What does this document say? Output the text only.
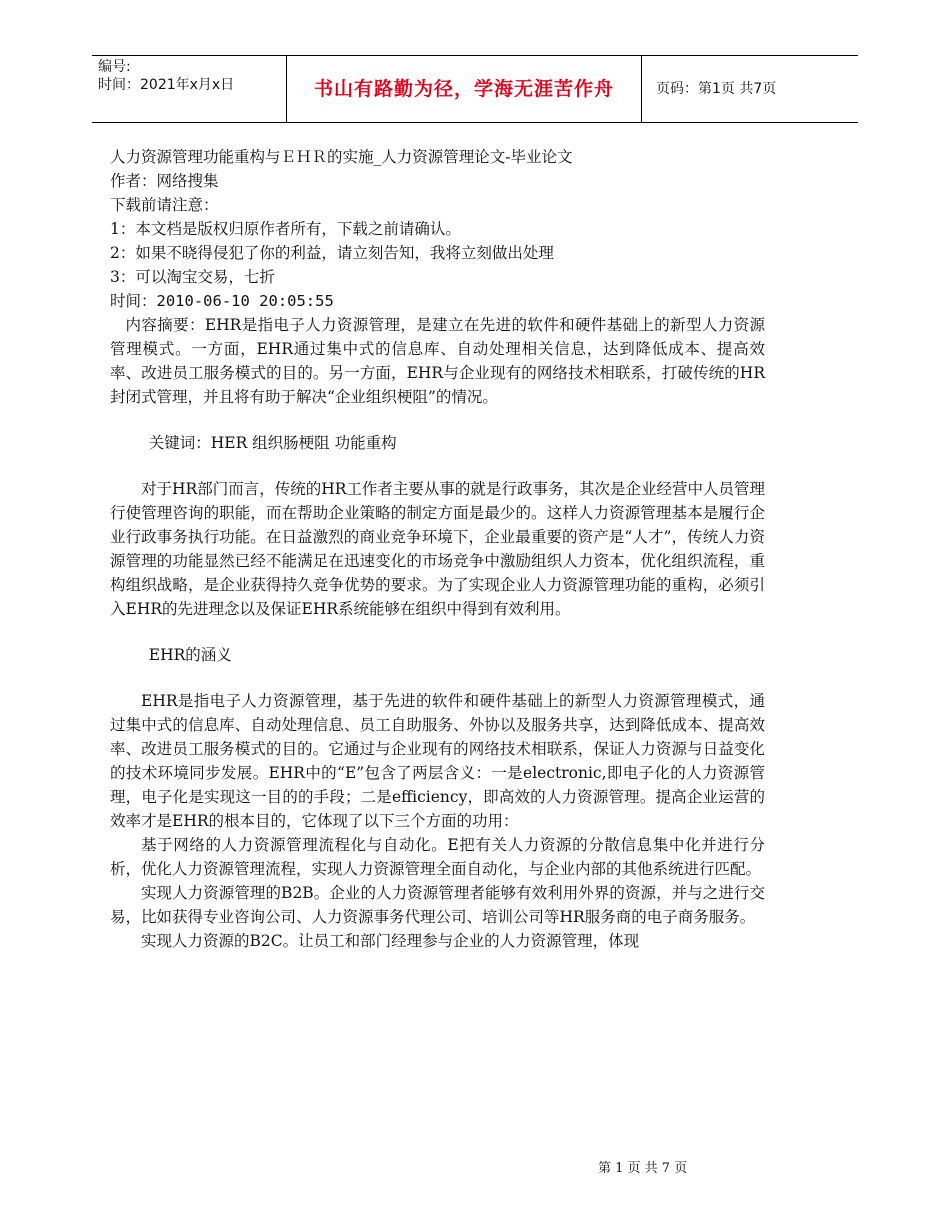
编号:
时间：2021年x月x日	书山有路勤为径，学海无涯苦作舟	页码：第1页 共7页
人力资源管理功能重构与ＥＨＲ的实施_人力资源管理论文-毕业论文
作者：网络搜集
下载前请注意：
1：本文档是版权归原作者所有，下载之前请确认。
2：如果不晓得侵犯了你的利益，请立刻告知，我将立刻做出处理
3：可以淘宝交易，七折
时间：2010-06-10 20:05:55

内容摘要：EHR是指电子人力资源管理，是建立在先进的软件和硬件基础上的新型人力资源管理模式。一方面，EHR通过集中式的信息库、自动处理相关信息，达到降低成本、提高效率、改进员工服务模式的目的。另一方面，EHR与企业现有的网络技术相联系，打破传统的HR封闭式管理，并且将有助于解决“企业组织梗阻”的情况。

关键词：HER 组织肠梗阻 功能重构

对于HR部门而言，传统的HR工作者主要从事的就是行政事务，其次是企业经营中人员管理行使管理咨询的职能，而在帮助企业策略的制定方面是最少的。这样人力资源管理基本是履行企业行政事务执行功能。在日益激烈的商业竞争环境下，企业最重要的资产是“人才”，传统人力资源管理的功能显然已经不能满足在迅速变化的市场竞争中激励组织人力资本，优化组织流程，重构组织战略，是企业获得持久竞争优势的要求。为了实现企业人力资源管理功能的重构，必须引入EHR的先进理念以及保证EHR系统能够在组织中得到有效利用。

EHR的涵义

EHR是指电子人力资源管理，基于先进的软件和硬件基础上的新型人力资源管理模式，通过集中式的信息库、自动处理信息、员工自助服务、外协以及服务共享，达到降低成本、提高效率、改进员工服务模式的目的。它通过与企业现有的网络技术相联系，保证人力资源与日益变化的技术环境同步发展。EHR中的“E”包含了两层含义：一是electronic,即电子化的人力资源管理，电子化是实现这一目的的手段；二是efficiency，即高效的人力资源管理。提高企业运营的效率才是EHR的根本目的，它体现了以下三个方面的功用：

基于网络的人力资源管理流程化与自动化。E把有关人力资源的分散信息集中化并进行分析，优化人力资源管理流程，实现人力资源管理全面自动化，与企业内部的其他系统进行匹配。

实现人力资源管理的B2B。企业的人力资源管理者能够有效利用外界的资源，并与之进行交易，比如获得专业咨询公司、人力资源事务代理公司、培训公司等HR服务商的电子商务服务。

实现人力资源的B2C。让员工和部门经理参与企业的人力资源管理，体现

第 1 页 共 7 页
